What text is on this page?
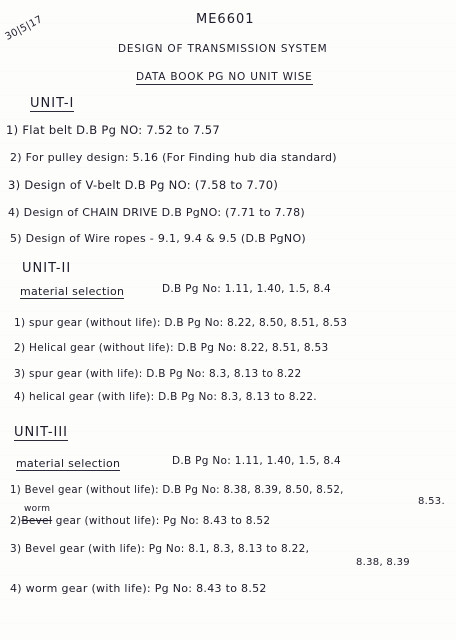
30|5|17	ME6601
DESIGN OF TRANSMISSION SYSTEM
DATA BOOK PG NO UNIT WISE
UNIT-I
1) Flat belt D.B Pg NO: 7.52 to 7.57
2) For pulley design: 5.16 (For Finding hub dia standard)
3) Design of V-belt D.B Pg NO: (7.58 to 7.70)
4) Design of CHAIN DRIVE D.B PgNO: (7.71 to 7.78)
5) Design of Wire ropes - 9.1, 9.4 & 9.5 (D.B PgNO)
UNIT-II
material selection	D.B Pg No: 1.11, 1.40, 1.5, 8.4
1) spur gear (without life): D.B Pg No: 8.22, 8.50, 8.51, 8.53
2) Helical gear (without life): D.B Pg No: 8.22, 8.51, 8.53
3) spur gear (with life): D.B Pg No: 8.3, 8.13 to 8.22
4) helical gear (with life): D.B Pg No: 8.3, 8.13 to 8.22.
UNIT-III
material selection	D.B Pg No: 1.11, 1.40, 1.5, 8.4
1) Bevel gear (without life): D.B Pg No: 8.38, 8.39, 8.50, 8.52,
8.53.
worm
2)Bevel gear (without life): Pg No: 8.43 to 8.52
3) Bevel gear (with life): Pg No: 8.1, 8.3, 8.13 to 8.22,
8.38, 8.39
4) worm gear (with life): Pg No: 8.43 to 8.52
